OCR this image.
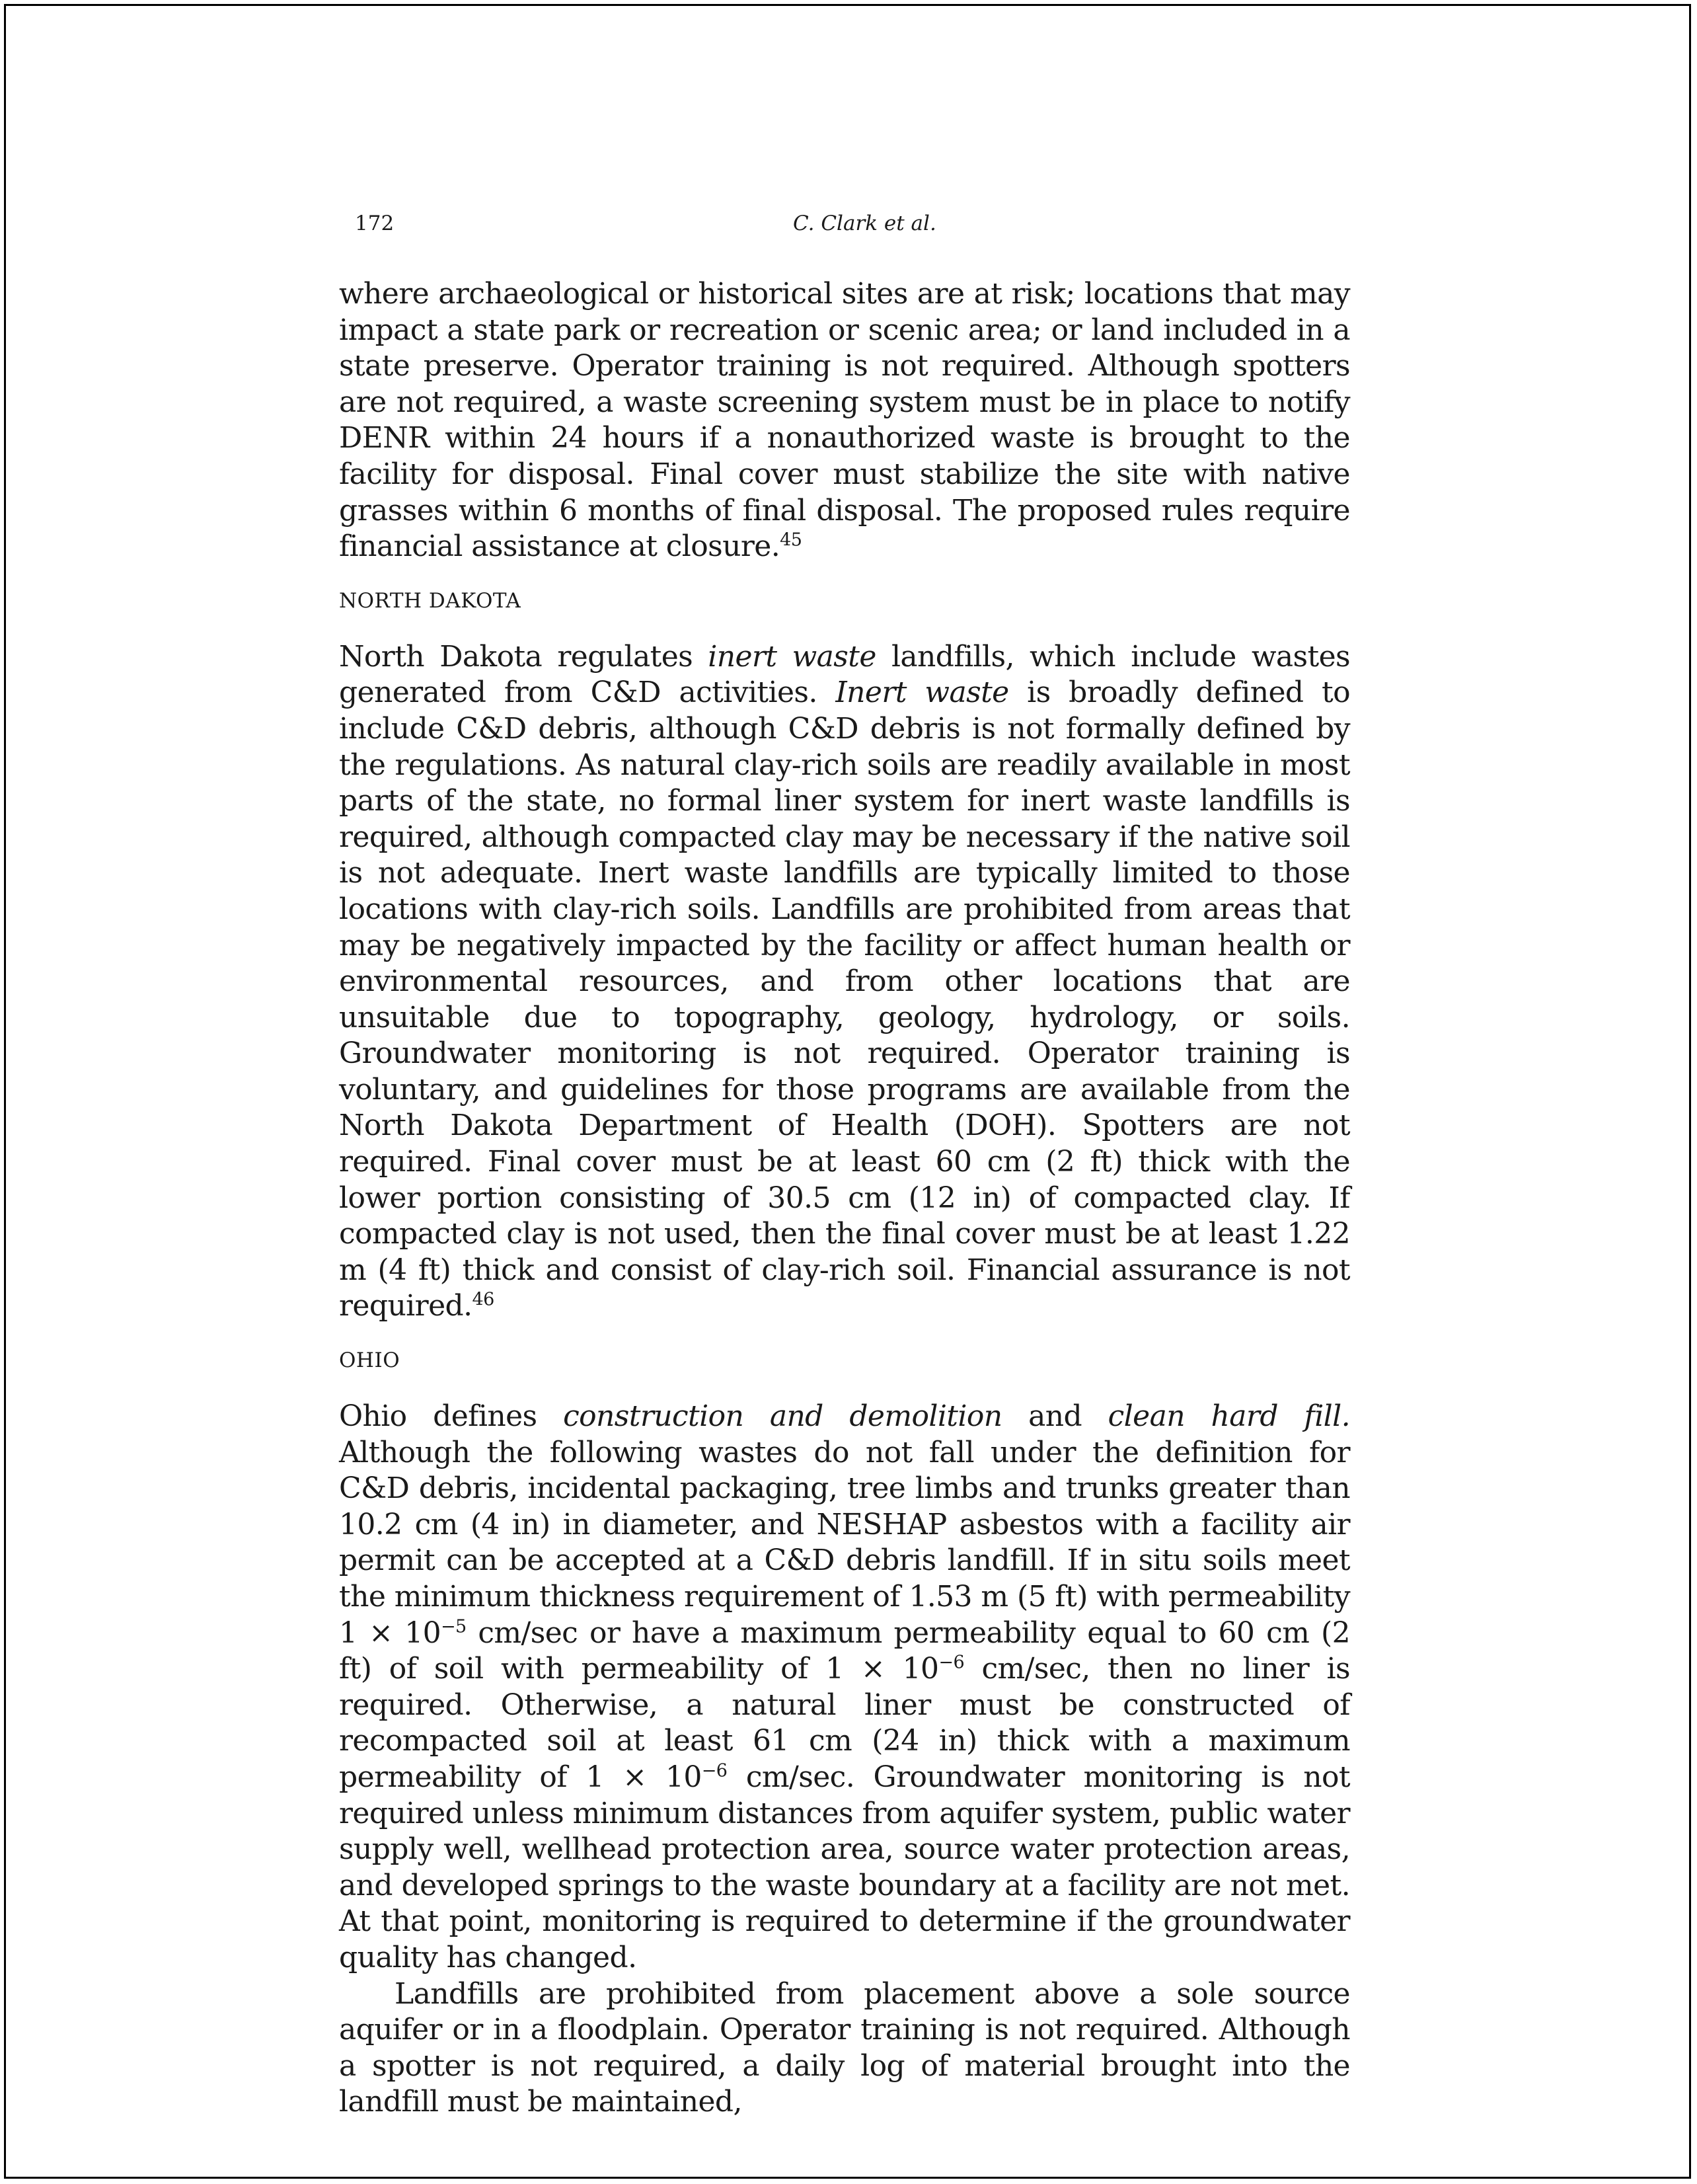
172	C. Clark et al.

where archaeological or historical sites are at risk; locations that may impact a state park or recreation or scenic area; or land included in a state preserve. Operator training is not required. Although spotters are not required, a waste screening system must be in place to notify DENR within 24 hours if a nonauthorized waste is brought to the facility for disposal. Final cover must stabilize the site with native grasses within 6 months of final disposal. The proposed rules require financial assistance at closure.$^{45}$

NORTH DAKOTA

North Dakota regulates inert waste landfills, which include wastes generated from C&D activities. Inert waste is broadly defined to include C&D debris, although C&D debris is not formally defined by the regulations. As natural clay-rich soils are readily available in most parts of the state, no formal liner system for inert waste landfills is required, although compacted clay may be necessary if the native soil is not adequate. Inert waste landfills are typically limited to those locations with clay-rich soils. Landfills are prohibited from areas that may be negatively impacted by the facility or affect human health or environmental resources, and from other locations that are unsuitable due to topography, geology, hydrology, or soils. Groundwater monitoring is not required. Operator training is voluntary, and guidelines for those programs are available from the North Dakota Department of Health (DOH). Spotters are not required. Final cover must be at least 60 cm (2 ft) thick with the lower portion consisting of 30.5 cm (12 in) of compacted clay. If compacted clay is not used, then the final cover must be at least 1.22 m (4 ft) thick and consist of clay-rich soil. Financial assurance is not required.$^{46}$

OHIO

Ohio defines construction and demolition and clean hard fill. Although the following wastes do not fall under the definition for C&D debris, incidental packaging, tree limbs and trunks greater than 10.2 cm (4 in) in diameter, and NESHAP asbestos with a facility air permit can be accepted at a C&D debris landfill. If in situ soils meet the minimum thickness requirement of 1.53 m (5 ft) with permeability $1 \times 10^{-5}$ cm/sec or have a maximum permeability equal to 60 cm (2 ft) of soil with permeability of $1 \times 10^{-6}$ cm/sec, then no liner is required. Otherwise, a natural liner must be constructed of recompacted soil at least 61 cm (24 in) thick with a maximum permeability of $1 \times 10^{-6}$ cm/sec. Groundwater monitoring is not required unless minimum distances from aquifer system, public water supply well, wellhead protection area, source water protection areas, and developed springs to the waste boundary at a facility are not met. At that point, monitoring is required to determine if the groundwater quality has changed.

Landfills are prohibited from placement above a sole source aquifer or in a floodplain. Operator training is not required. Although a spotter is not required, a daily log of material brought into the landfill must be maintained,
